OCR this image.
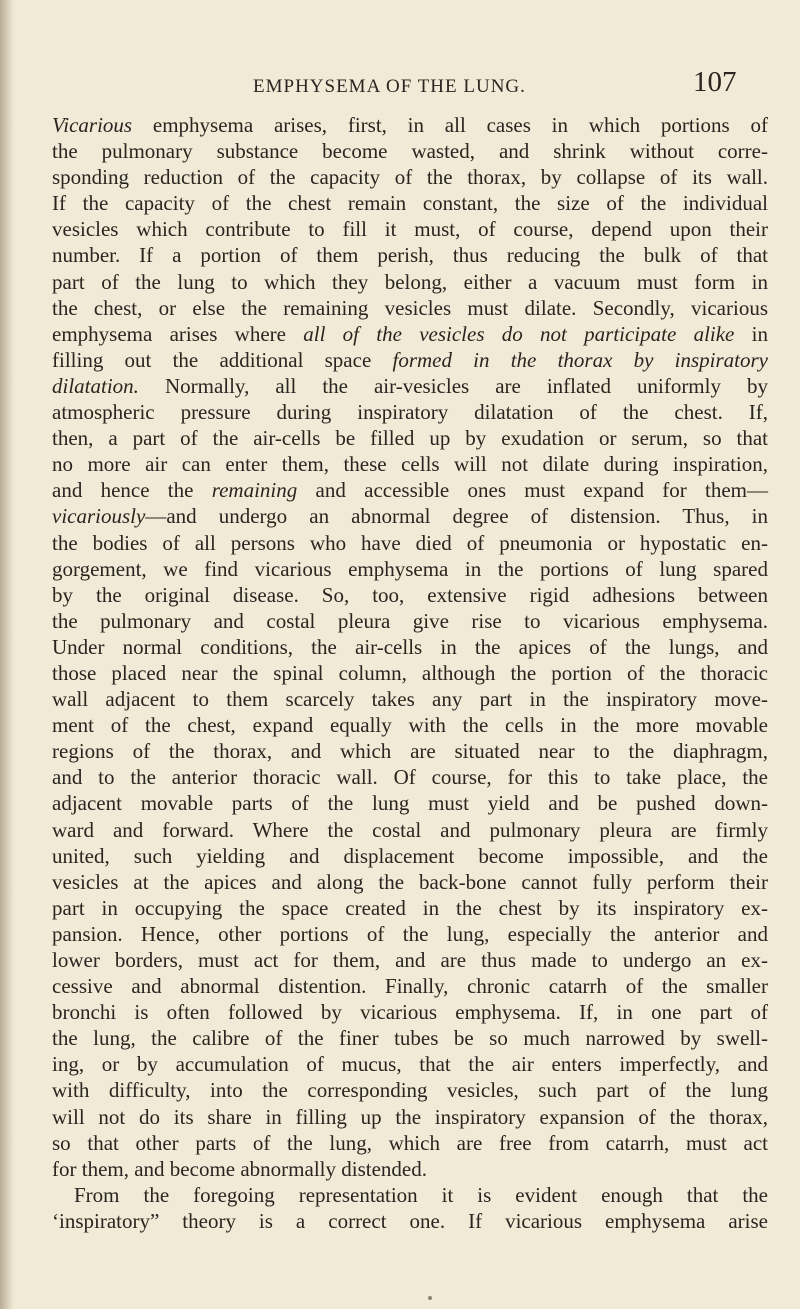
EMPHYSEMA OF THE LUNG.	107
Vicarious emphysema arises, first, in all cases in which portions of
the pulmonary substance become wasted, and shrink without corre-
sponding reduction of the capacity of the thorax, by collapse of its wall.
If the capacity of the chest remain constant, the size of the individual
vesicles which contribute to fill it must, of course, depend upon their
number. If a portion of them perish, thus reducing the bulk of that
part of the lung to which they belong, either a vacuum must form in
the chest, or else the remaining vesicles must dilate. Secondly, vicarious
emphysema arises where all of the vesicles do not participate alike in
filling out the additional space formed in the thorax by inspiratory
dilatation. Normally, all the air-vesicles are inflated uniformly by
atmospheric pressure during inspiratory dilatation of the chest. If,
then, a part of the air-cells be filled up by exudation or serum, so that
no more air can enter them, these cells will not dilate during inspiration,
and hence the remaining and accessible ones must expand for them—
vicariously—and undergo an abnormal degree of distension. Thus, in
the bodies of all persons who have died of pneumonia or hypostatic en-
gorgement, we find vicarious emphysema in the portions of lung spared
by the original disease. So, too, extensive rigid adhesions between
the pulmonary and costal pleura give rise to vicarious emphysema.
Under normal conditions, the air-cells in the apices of the lungs, and
those placed near the spinal column, although the portion of the thoracic
wall adjacent to them scarcely takes any part in the inspiratory move-
ment of the chest, expand equally with the cells in the more movable
regions of the thorax, and which are situated near to the diaphragm,
and to the anterior thoracic wall. Of course, for this to take place, the
adjacent movable parts of the lung must yield and be pushed down-
ward and forward. Where the costal and pulmonary pleura are firmly
united, such yielding and displacement become impossible, and the
vesicles at the apices and along the back-bone cannot fully perform their
part in occupying the space created in the chest by its inspiratory ex-
pansion. Hence, other portions of the lung, especially the anterior and
lower borders, must act for them, and are thus made to undergo an ex-
cessive and abnormal distention. Finally, chronic catarrh of the smaller
bronchi is often followed by vicarious emphysema. If, in one part of
the lung, the calibre of the finer tubes be so much narrowed by swell-
ing, or by accumulation of mucus, that the air enters imperfectly, and
with difficulty, into the corresponding vesicles, such part of the lung
will not do its share in filling up the inspiratory expansion of the thorax,
so that other parts of the lung, which are free from catarrh, must act
for them, and become abnormally distended.
From the foregoing representation it is evident enough that the
‘inspiratory” theory is a correct one. If vicarious emphysema arise
